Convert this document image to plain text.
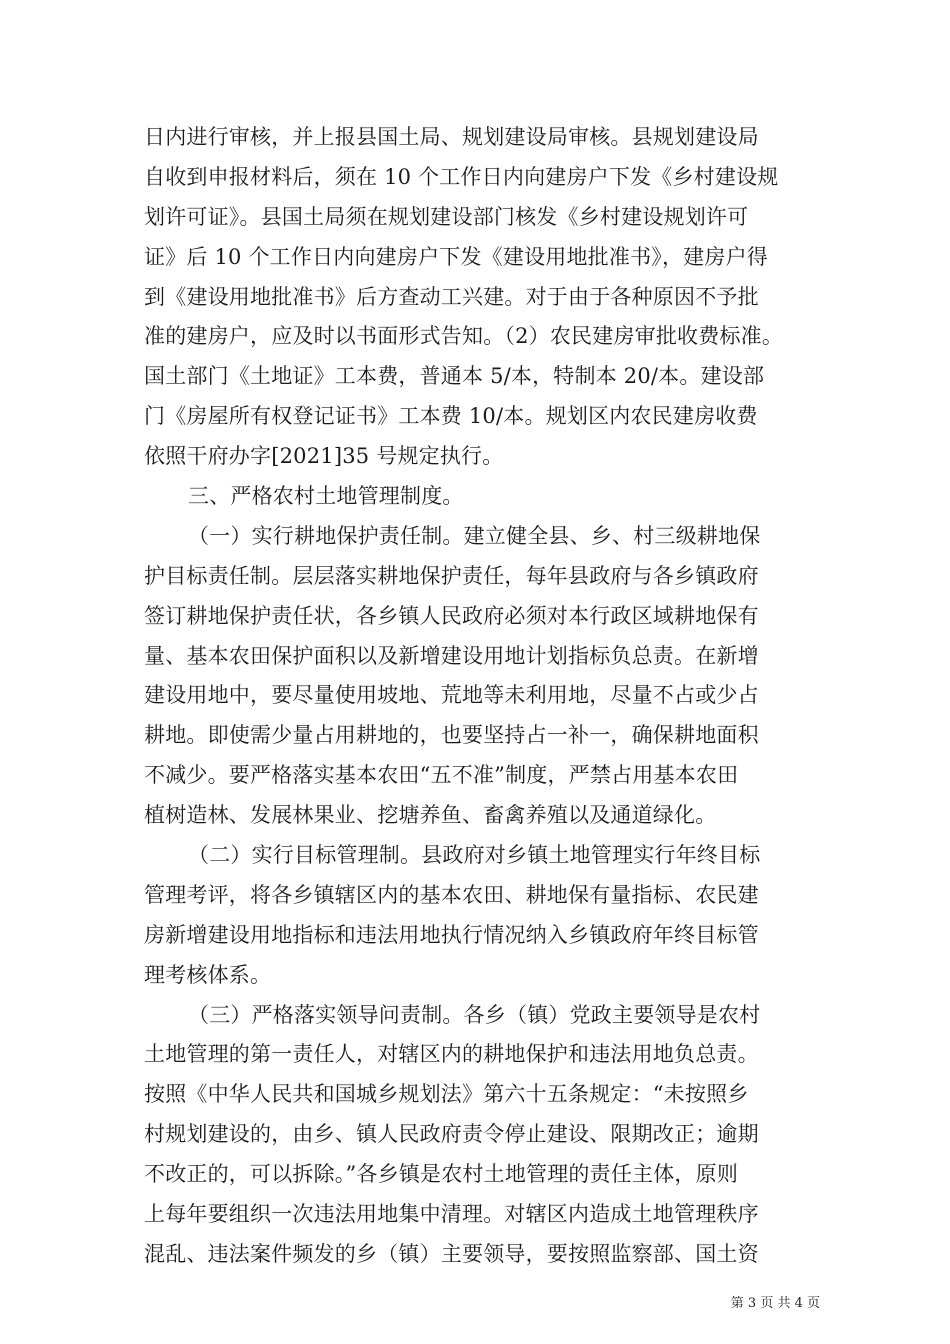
日内进行审核，并上报县国土局、规划建设局审核。县规划建设局
自收到申报材料后，须在 10 个工作日内向建房户下发《乡村建设规
划许可证》。县国土局须在规划建设部门核发《乡村建设规划许可
证》后 10 个工作日内向建房户下发《建设用地批准书》，建房户得
到《建设用地批准书》后方查动工兴建。对于由于各种原因不予批
准的建房户，应及时以书面形式告知。（2）农民建房审批收费标准。
国土部门《土地证》工本费，普通本 5/本，特制本 20/本。建设部
门《房屋所有权登记证书》工本费 10/本。规划区内农民建房收费
依照干府办字[2021]35 号规定执行。
三、严格农村土地管理制度。
（一）实行耕地保护责任制。建立健全县、乡、村三级耕地保
护目标责任制。层层落实耕地保护责任，每年县政府与各乡镇政府
签订耕地保护责任状，各乡镇人民政府必须对本行政区域耕地保有
量、基本农田保护面积以及新增建设用地计划指标负总责。在新增
建设用地中，要尽量使用坡地、荒地等未利用地，尽量不占或少占
耕地。即使需少量占用耕地的，也要坚持占一补一，确保耕地面积
不减少。要严格落实基本农田“五不准”制度，严禁占用基本农田
植树造林、发展林果业、挖塘养鱼、畜禽养殖以及通道绿化。
（二）实行目标管理制。县政府对乡镇土地管理实行年终目标
管理考评，将各乡镇辖区内的基本农田、耕地保有量指标、农民建
房新增建设用地指标和违法用地执行情况纳入乡镇政府年终目标管
理考核体系。
（三）严格落实领导问责制。各乡（镇）党政主要领导是农村
土地管理的第一责任人，对辖区内的耕地保护和违法用地负总责。
按照《中华人民共和国城乡规划法》第六十五条规定：“未按照乡
村规划建设的，由乡、镇人民政府责令停止建设、限期改正；逾期
不改正的，可以拆除。”各乡镇是农村土地管理的责任主体，原则
上每年要组织一次违法用地集中清理。对辖区内造成土地管理秩序
混乱、违法案件频发的乡（镇）主要领导，要按照监察部、国土资
第 3 页 共 4 页
